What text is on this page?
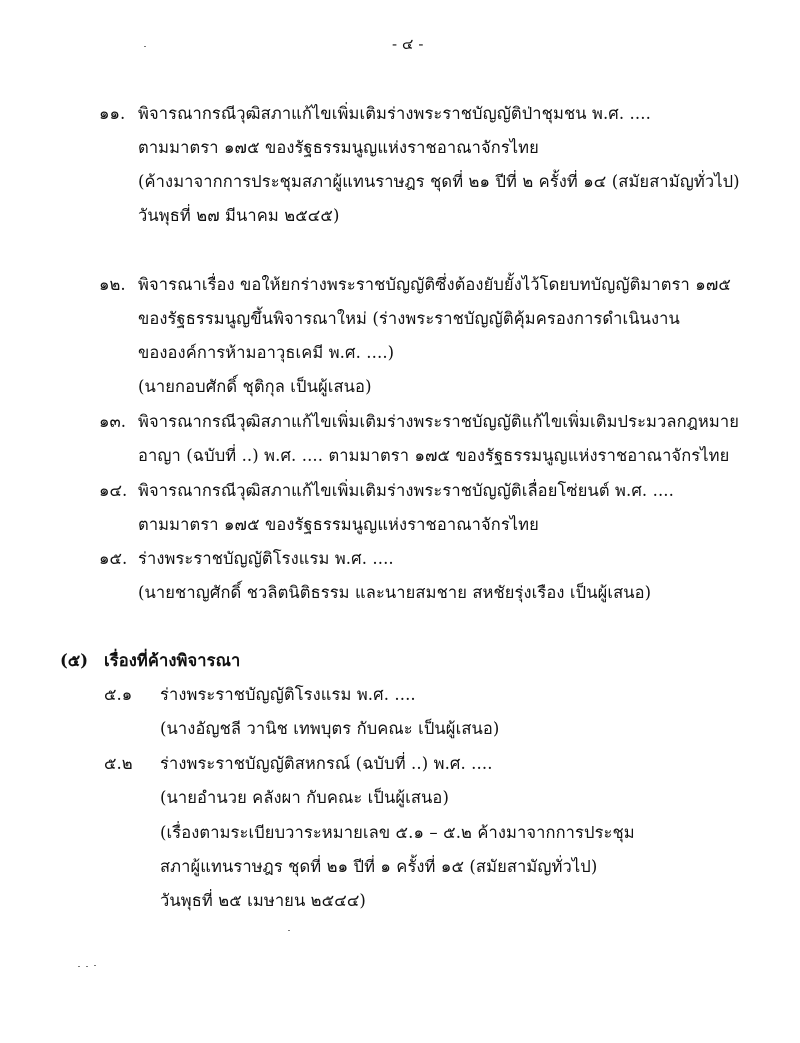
- ๔ -
๑๑. พิจารณากรณีวุฒิสภาแก้ไขเพิ่มเติมร่างพระราชบัญญัติป่าชุมชน พ.ศ. ....
ตามมาตรา ๑๗๕ ของรัฐธรรมนูญแห่งราชอาณาจักรไทย
(ค้างมาจากการประชุมสภาผู้แทนราษฎร ชุดที่ ๒๑ ปีที่ ๒ ครั้งที่ ๑๔ (สมัยสามัญทั่วไป)
วันพุธที่ ๒๗ มีนาคม ๒๕๔๕)
๑๒. พิจารณาเรื่อง ขอให้ยกร่างพระราชบัญญัติซึ่งต้องยับยั้งไว้โดยบทบัญญัติมาตรา ๑๗๕
ของรัฐธรรมนูญขึ้นพิจารณาใหม่ (ร่างพระราชบัญญัติคุ้มครองการดำเนินงาน
ขององค์การห้ามอาวุธเคมี พ.ศ. ....)
(นายกอบศักดิ์ ชุติกุล เป็นผู้เสนอ)
๑๓. พิจารณากรณีวุฒิสภาแก้ไขเพิ่มเติมร่างพระราชบัญญัติแก้ไขเพิ่มเติมประมวลกฎหมาย
อาญา (ฉบับที่ ..) พ.ศ. .... ตามมาตรา ๑๗๕ ของรัฐธรรมนูญแห่งราชอาณาจักรไทย
๑๔. พิจารณากรณีวุฒิสภาแก้ไขเพิ่มเติมร่างพระราชบัญญัติเลื่อยโซ่ยนต์ พ.ศ. ....
ตามมาตรา ๑๗๕ ของรัฐธรรมนูญแห่งราชอาณาจักรไทย
๑๕. ร่างพระราชบัญญัติโรงแรม พ.ศ. ....
(นายชาญศักดิ์ ชวลิตนิติธรรม และนายสมชาย สหชัยรุ่งเรือง เป็นผู้เสนอ)
(๕) เรื่องที่ค้างพิจารณา
๕.๑ ร่างพระราชบัญญัติโรงแรม พ.ศ. ....
(นางอัญชลี วานิช เทพบุตร กับคณะ เป็นผู้เสนอ)
๕.๒ ร่างพระราชบัญญัติสหกรณ์ (ฉบับที่ ..) พ.ศ. ....
(นายอำนวย คลังผา กับคณะ เป็นผู้เสนอ)
(เรื่องตามระเบียบวาระหมายเลข ๕.๑ – ๕.๒ ค้างมาจากการประชุม
สภาผู้แทนราษฎร ชุดที่ ๒๑ ปีที่ ๑ ครั้งที่ ๑๕ (สมัยสามัญทั่วไป)
วันพุธที่ ๒๕ เมษายน ๒๕๔๔)
